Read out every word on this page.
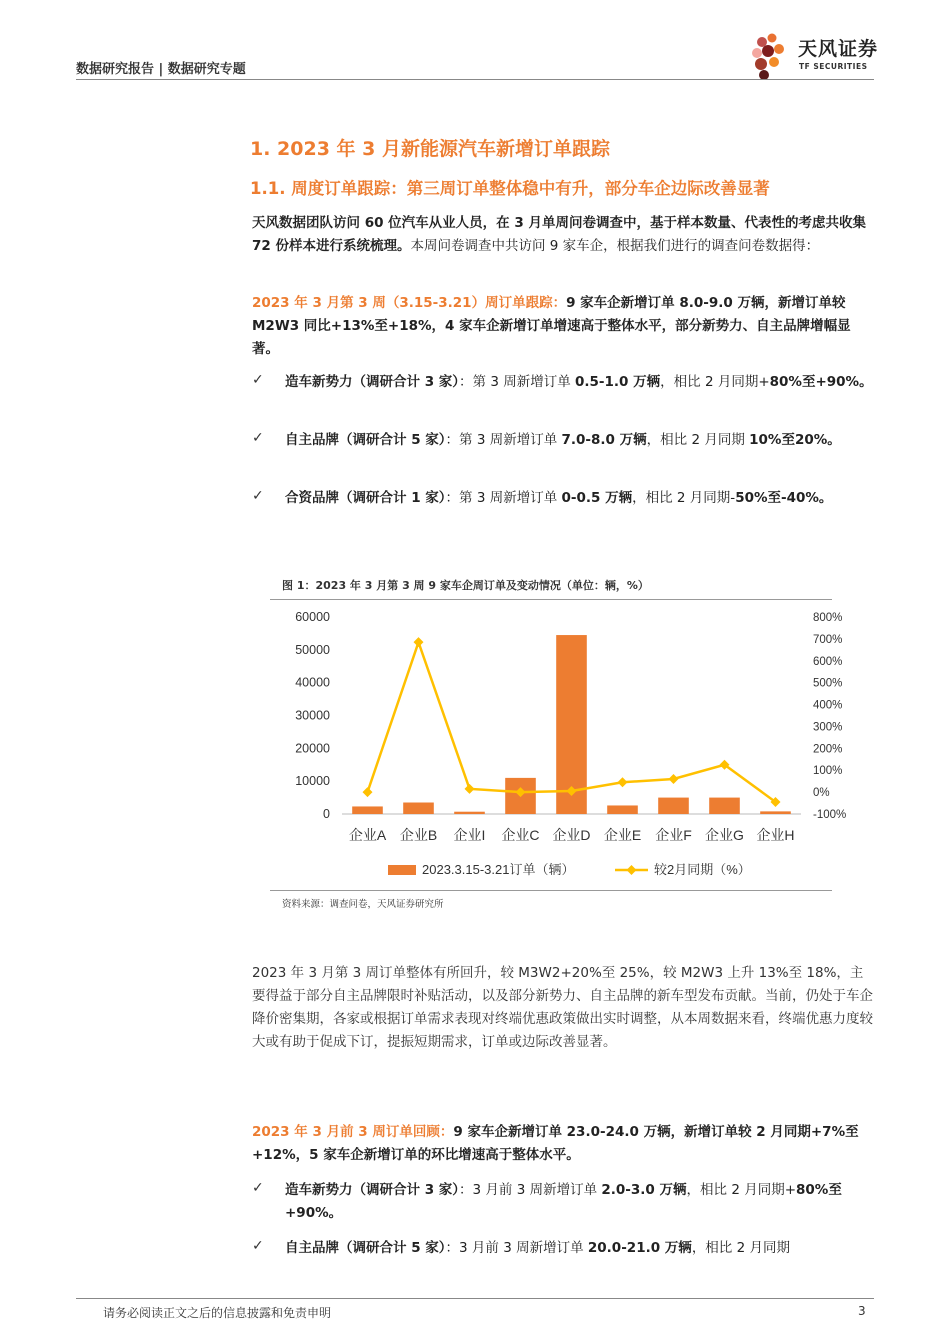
数据研究报告 | 数据研究专题
天风证券
TF SECURITIES
1. 2023 年 3 月新能源汽车新增订单跟踪
1.1. 周度订单跟踪：第三周订单整体稳中有升，部分车企边际改善显著
天风数据团队访问 60 位汽车从业人员，在 3 月单周问卷调查中，基于样本数量、代表性的考虑共收集 72 份样本进行系统梳理。本周问卷调查中共访问 9 家车企，根据我们进行的调查问卷数据得：
2023 年 3 月第 3 周（3.15-3.21）周订单跟踪：9 家车企新增订单 8.0-9.0 万辆，新增订单较 M2W3 同比+13%至+18%，4 家车企新增订单增速高于整体水平，部分新势力、自主品牌增幅显著。
✓ 造车新势力（调研合计 3 家）：第 3 周新增订单 0.5-1.0 万辆，相比 2 月同期+80%至+90%。
✓ 自主品牌（调研合计 5 家）：第 3 周新增订单 7.0-8.0 万辆，相比 2 月同期 10%至20%。
✓ 合资品牌（调研合计 1 家）：第 3 周新增订单 0-0.5 万辆，相比 2 月同期-50%至-40%。
图 1：2023 年 3 月第 3 周 9 家车企周订单及变动情况（单位：辆，%）
0
10000
20000
30000
40000
50000
60000
-100%
0%
100%
200%
300%
400%
500%
600%
700%
800%
企业A 企业B 企业I 企业C 企业D 企业E 企业F 企业G 企业H
2023.3.15-3.21订单（辆）	较2月同期（%）
资料来源：调查问卷，天风证券研究所
2023 年 3 月第 3 周订单整体有所回升，较 M3W2+20%至 25%，较 M2W3 上升 13%至 18%，主要得益于部分自主品牌限时补贴活动，以及部分新势力、自主品牌的新车型发布贡献。当前，仍处于车企降价密集期，各家或根据订单需求表现对终端优惠政策做出实时调整，从本周数据来看，终端优惠力度较大或有助于促成下订，提振短期需求，订单或边际改善显著。
2023 年 3 月前 3 周订单回顾：9 家车企新增订单 23.0-24.0 万辆，新增订单较 2 月同期+7%至+12%，5 家车企新增订单的环比增速高于整体水平。
✓ 造车新势力（调研合计 3 家）：3 月前 3 周新增订单 2.0-3.0 万辆，相比 2 月同期+80%至+90%。
✓ 自主品牌（调研合计 5 家）：3 月前 3 周新增订单 20.0-21.0 万辆，相比 2 月同期
请务必阅读正文之后的信息披露和免责申明	3
